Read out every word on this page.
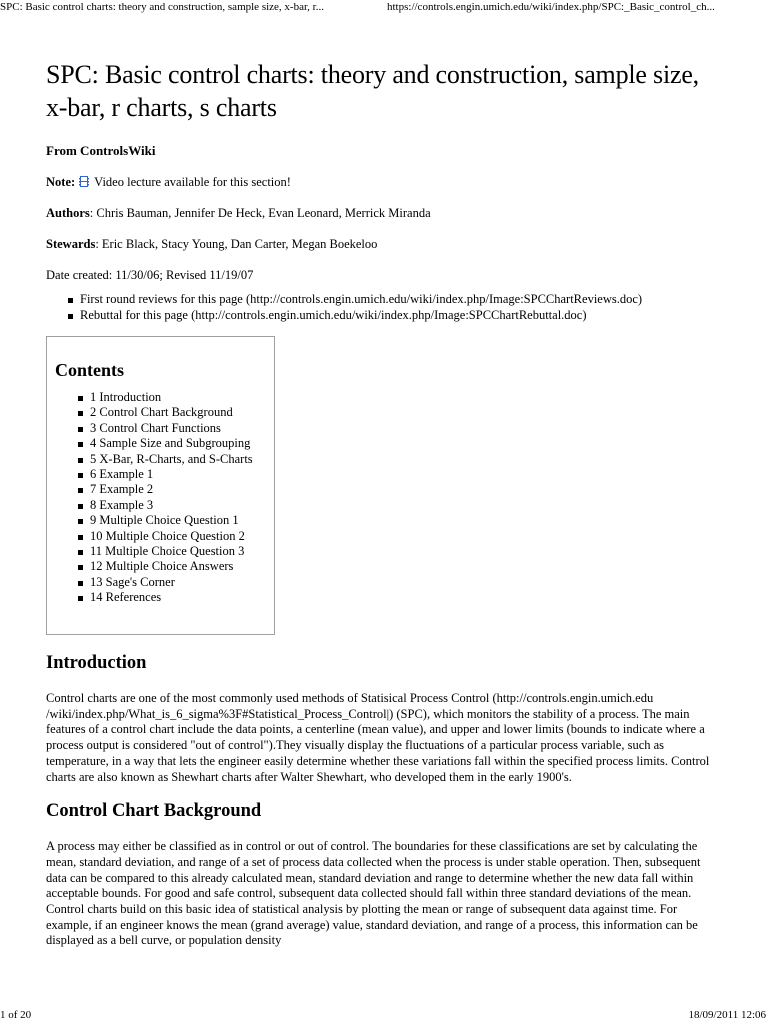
SPC: Basic control charts: theory and construction, sample size, x-bar, r...	https://controls.engin.umich.edu/wiki/index.php/SPC:_Basic_control_ch...
SPC: Basic control charts: theory and construction, sample size, x-bar, r charts, s charts
From ControlsWiki
Note:  Video lecture available for this section!
Authors: Chris Bauman, Jennifer De Heck, Evan Leonard, Merrick Miranda
Stewards: Eric Black, Stacy Young, Dan Carter, Megan Boekeloo
Date created: 11/30/06; Revised 11/19/07
First round reviews for this page (http://controls.engin.umich.edu/wiki/index.php/Image:SPCChartReviews.doc)
Rebuttal for this page (http://controls.engin.umich.edu/wiki/index.php/Image:SPCChartRebuttal.doc)
Contents
1 Introduction
2 Control Chart Background
3 Control Chart Functions
4 Sample Size and Subgrouping
5 X-Bar, R-Charts, and S-Charts
6 Example 1
7 Example 2
8 Example 3
9 Multiple Choice Question 1
10 Multiple Choice Question 2
11 Multiple Choice Question 3
12 Multiple Choice Answers
13 Sage's Corner
14 References
Introduction

Control charts are one of the most commonly used methods of Statisical Process Control (http://controls.engin.umich.edu /wiki/index.php/What_is_6_sigma%3F#Statistical_Process_Control|) (SPC), which monitors the stability of a process. The main features of a control chart include the data points, a centerline (mean value), and upper and lower limits (bounds to indicate where a process output is considered "out of control").They visually display the fluctuations of a particular process variable, such as temperature, in a way that lets the engineer easily determine whether these variations fall within the specified process limits. Control charts are also known as Shewhart charts after Walter Shewhart, who developed them in the early 1900's.

Control Chart Background

A process may either be classified as in control or out of control. The boundaries for these classifications are set by calculating the mean, standard deviation, and range of a set of process data collected when the process is under stable operation. Then, subsequent data can be compared to this already calculated mean, standard deviation and range to determine whether the new data fall within acceptable bounds. For good and safe control, subsequent data collected should fall within three standard deviations of the mean. Control charts build on this basic idea of statistical analysis by plotting the mean or range of subsequent data against time. For example, if an engineer knows the mean (grand average) value, standard deviation, and range of a process, this information can be displayed as a bell curve, or population density

1 of 20	18/09/2011 12:06
